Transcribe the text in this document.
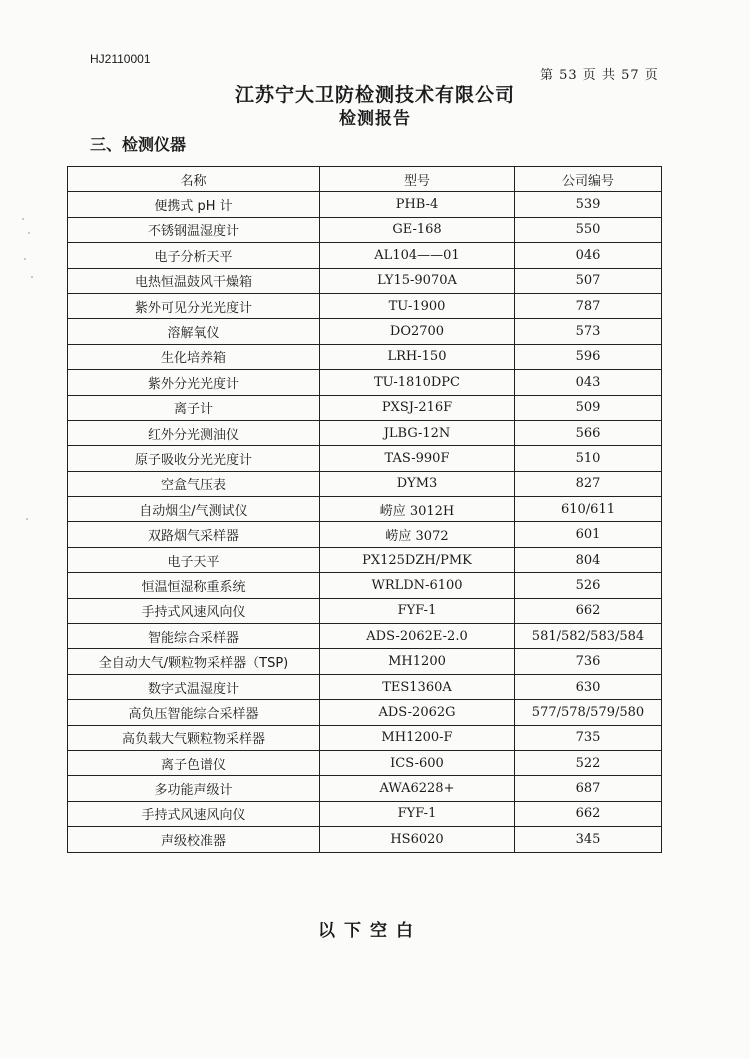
HJ2110001
第 53 页 共 57 页
江苏宁大卫防检测技术有限公司
检测报告
三、检测仪器
名称	型号	公司编号
便携式 pH 计	PHB-4	539
不锈钢温湿度计	GE-168	550
电子分析天平	AL104——01	046
电热恒温鼓风干燥箱	LY15-9070A	507
紫外可见分光光度计	TU-1900	787
溶解氧仪	DO2700	573
生化培养箱	LRH-150	596
紫外分光光度计	TU-1810DPC	043
离子计	PXSJ-216F	509
红外分光测油仪	JLBG-12N	566
原子吸收分光光度计	TAS-990F	510
空盒气压表	DYM3	827
自动烟尘/气测试仪	崂应 3012H	610/611
双路烟气采样器	崂应 3072	601
电子天平	PX125DZH/PMK	804
恒温恒湿称重系统	WRLDN-6100	526
手持式风速风向仪	FYF-1	662
智能综合采样器	ADS-2062E-2.0	581/582/583/584
全自动大气/颗粒物采样器（TSP)	MH1200	736
数字式温湿度计	TES1360A	630
高负压智能综合采样器	ADS-2062G	577/578/579/580
高负载大气颗粒物采样器	MH1200-F	735
离子色谱仪	ICS-600	522
多功能声级计	AWA6228+	687
手持式风速风向仪	FYF-1	662
声级校准器	HS6020	345
以下空白
